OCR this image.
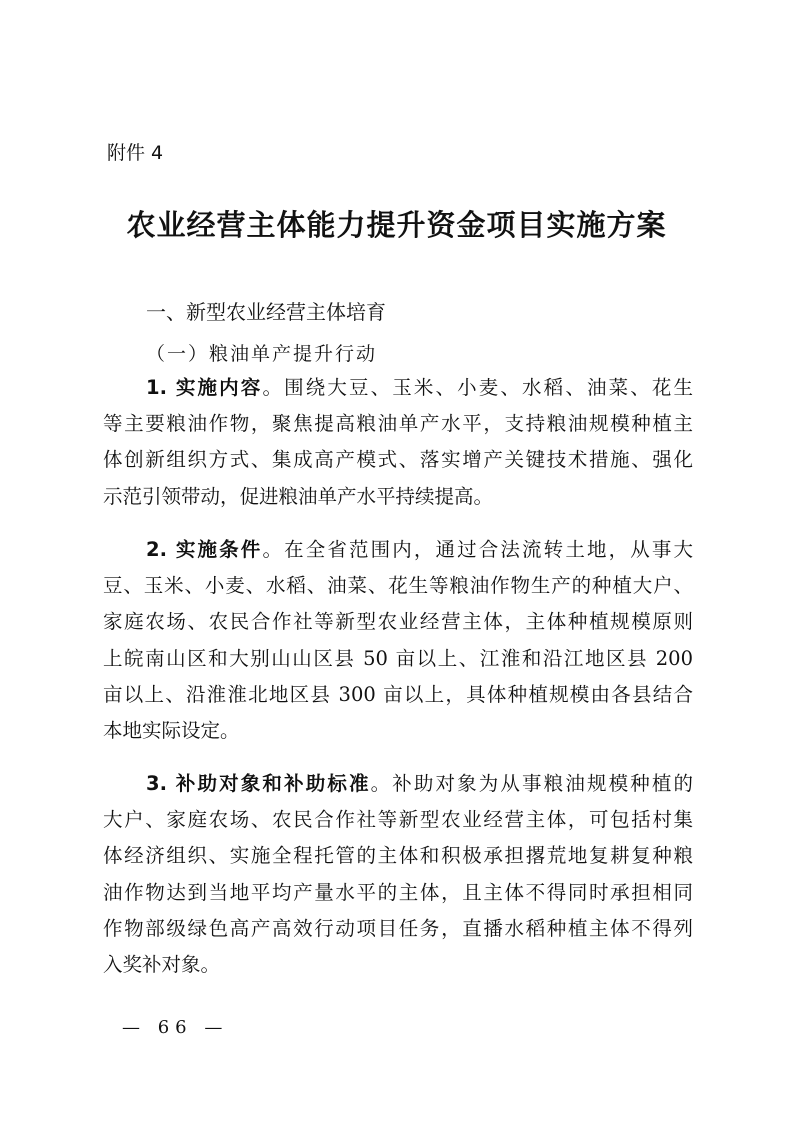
附件 4
农业经营主体能力提升资金项目实施方案
一、新型农业经营主体培育
（一）粮油单产提升行动
1. 实施内容。围绕大豆、玉米、小麦、水稻、油菜、花生
等主要粮油作物，聚焦提高粮油单产水平，支持粮油规模种植主
体创新组织方式、集成高产模式、落实增产关键技术措施、强化
示范引领带动，促进粮油单产水平持续提高。
2. 实施条件。在全省范围内，通过合法流转土地，从事大
豆、玉米、小麦、水稻、油菜、花生等粮油作物生产的种植大户、
家庭农场、农民合作社等新型农业经营主体，主体种植规模原则
上皖南山区和大别山山区县 50 亩以上、江淮和沿江地区县 200
亩以上、沿淮淮北地区县 300 亩以上，具体种植规模由各县结合
本地实际设定。
3. 补助对象和补助标准。补助对象为从事粮油规模种植的
大户、家庭农场、农民合作社等新型农业经营主体，可包括村集
体经济组织、实施全程托管的主体和积极承担撂荒地复耕复种粮
油作物达到当地平均产量水平的主体，且主体不得同时承担相同
作物部级绿色高产高效行动项目任务，直播水稻种植主体不得列
入奖补对象。
— 66 —
